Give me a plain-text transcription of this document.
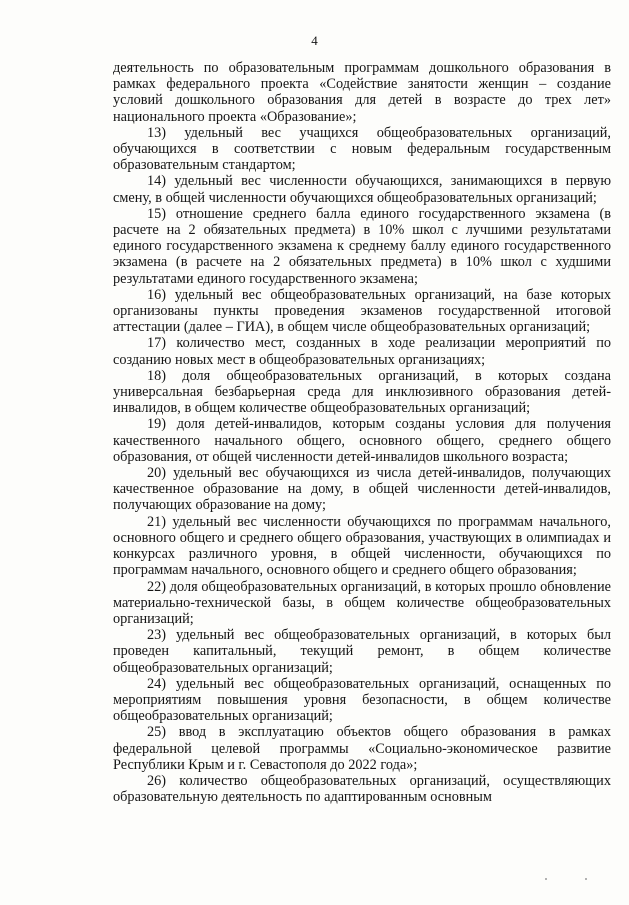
4

деятельность по образовательным программам дошкольного образования в рамках федерального проекта «Содействие занятости женщин – создание условий дошкольного образования для детей в возрасте до трех лет» национального проекта «Образование»;

13) удельный вес учащихся общеобразовательных организаций, обучающихся в соответствии с новым федеральным государственным образовательным стандартом;

14) удельный вес численности обучающихся, занимающихся в первую смену, в общей численности обучающихся общеобразовательных организаций;

15) отношение среднего балла единого государственного экзамена (в расчете на 2 обязательных предмета) в 10% школ с лучшими результатами единого государственного экзамена к среднему баллу единого государственного экзамена (в расчете на 2 обязательных предмета) в 10% школ с худшими результатами единого государственного экзамена;

16) удельный вес общеобразовательных организаций, на базе которых организованы пункты проведения экзаменов государственной итоговой аттестации (далее – ГИА), в общем числе общеобразовательных организаций;

17) количество мест, созданных в ходе реализации мероприятий по созданию новых мест в общеобразовательных организациях;

18) доля общеобразовательных организаций, в которых создана универсальная безбарьерная среда для инклюзивного образования детей-инвалидов, в общем количестве общеобразовательных организаций;

19) доля детей-инвалидов, которым созданы условия для получения качественного начального общего, основного общего, среднего общего образования, от общей численности детей-инвалидов школьного возраста;

20) удельный вес обучающихся из числа детей-инвалидов, получающих качественное образование на дому, в общей численности детей-инвалидов, получающих образование на дому;

21) удельный вес численности обучающихся по программам начального, основного общего и среднего общего образования, участвующих в олимпиадах и конкурсах различного уровня, в общей численности, обучающихся по программам начального, основного общего и среднего общего образования;

22) доля общеобразовательных организаций, в которых прошло обновление материально-технической базы, в общем количестве общеобразовательных организаций;

23) удельный вес общеобразовательных организаций, в которых был проведен капитальный, текущий ремонт, в общем количестве общеобразовательных организаций;

24) удельный вес общеобразовательных организаций, оснащенных по мероприятиям повышения уровня безопасности, в общем количестве общеобразовательных организаций;

25) ввод в эксплуатацию объектов общего образования в рамках федеральной целевой программы «Социально-экономическое развитие Республики Крым и г. Севастополя до 2022 года»;

26) количество общеобразовательных организаций, осуществляющих образовательную деятельность по адаптированным основным
